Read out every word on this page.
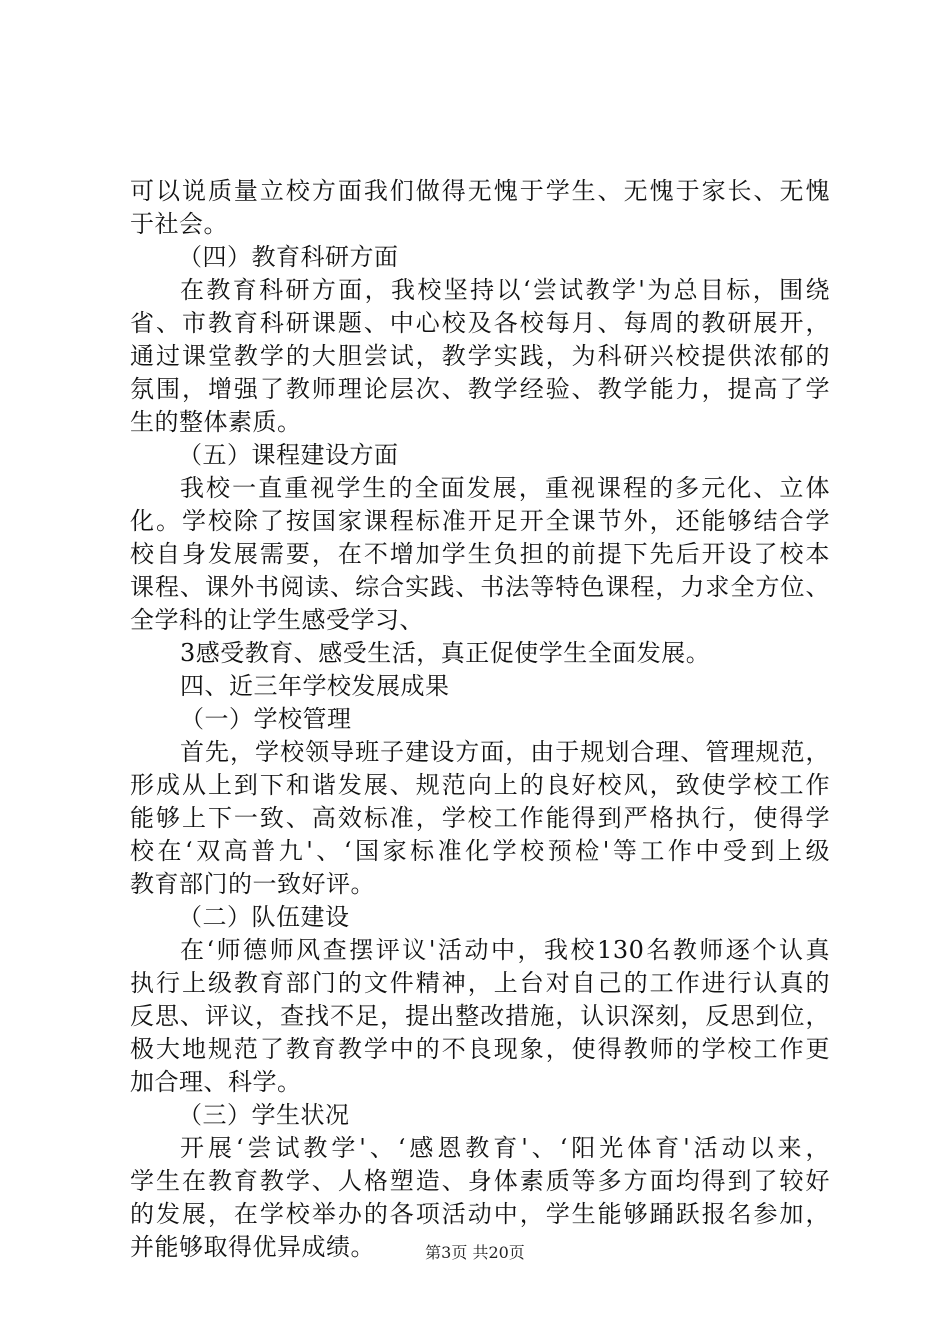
可以说质量立校方面我们做得无愧于学生、无愧于家长、无愧
于社会。
（四）教育科研方面
在教育科研方面，我校坚持以‘尝试教学'为总目标，围绕
省、市教育科研课题、中心校及各校每月、每周的教研展开，
通过课堂教学的大胆尝试，教学实践，为科研兴校提供浓郁的
氛围，增强了教师理论层次、教学经验、教学能力，提高了学
生的整体素质。
（五）课程建设方面
我校一直重视学生的全面发展，重视课程的多元化、立体
化。学校除了按国家课程标准开足开全课节外，还能够结合学
校自身发展需要，在不增加学生负担的前提下先后开设了校本
课程、课外书阅读、综合实践、书法等特色课程，力求全方位、
全学科的让学生感受学习、
3感受教育、感受生活，真正促使学生全面发展。
四、近三年学校发展成果
（一）学校管理
首先，学校领导班子建设方面，由于规划合理、管理规范，
形成从上到下和谐发展、规范向上的良好校风，致使学校工作
能够上下一致、高效标准，学校工作能得到严格执行，使得学
校在‘双高普九'、‘国家标准化学校预检'等工作中受到上级
教育部门的一致好评。
（二）队伍建设
在‘师德师风查摆评议'活动中，我校130名教师逐个认真
执行上级教育部门的文件精神，上台对自己的工作进行认真的
反思、评议，查找不足，提出整改措施，认识深刻，反思到位，
极大地规范了教育教学中的不良现象，使得教师的学校工作更
加合理、科学。
（三）学生状况
开展‘尝试教学'、‘感恩教育'、‘阳光体育'活动以来，
学生在教育教学、人格塑造、身体素质等多方面均得到了较好
的发展，在学校举办的各项活动中，学生能够踊跃报名参加，
并能够取得优异成绩。	第3页 共20页
